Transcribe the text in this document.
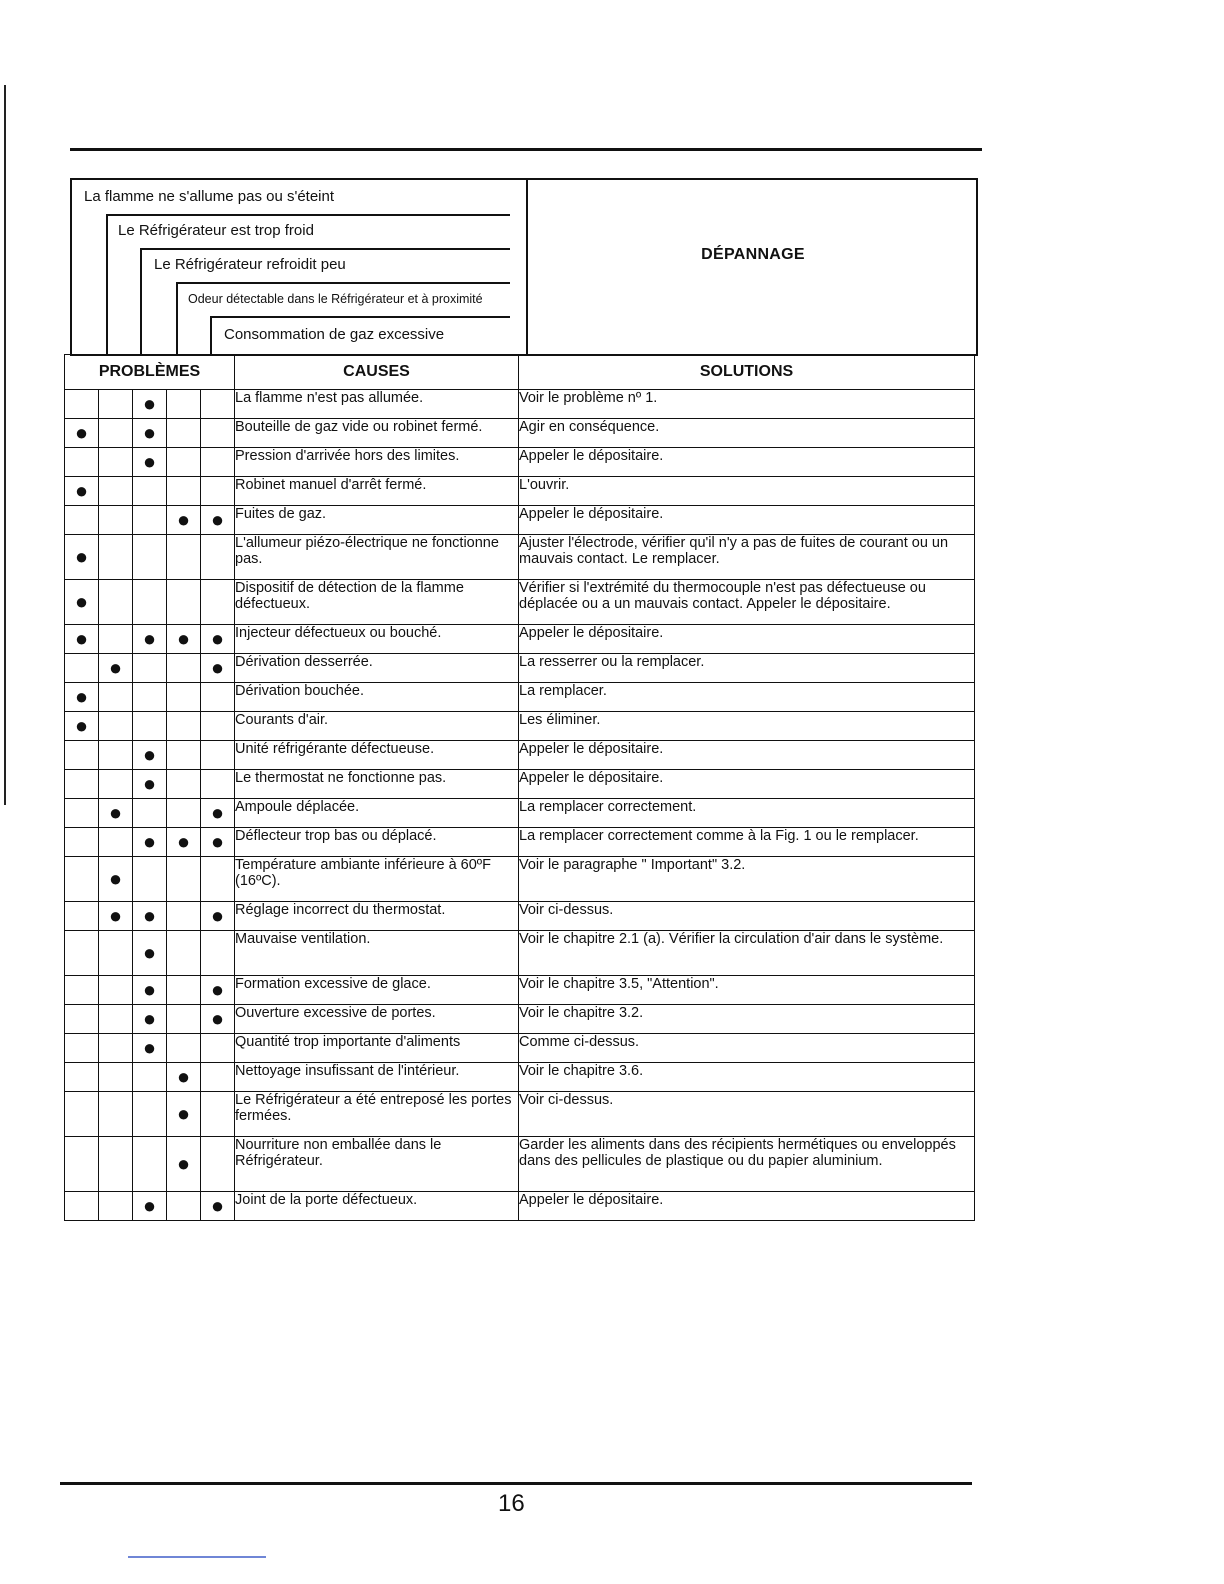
La flamme ne s'allume pas ou s'éteint
Le Réfrigérateur est trop froid
Le Réfrigérateur refroidit peu
Odeur détectable dans le Réfrigérateur et à proximité
Consommation de gaz excessive
DÉPANNAGE
PROBLÈMES					CAUSES	SOLUTIONS

		●			La flamme n'est pas allumée.	Voir le problème nº 1.

●		●			Bouteille de gaz vide ou robinet fermé.	Agir en conséquence.

		●			Pression d'arrivée hors des limites.	Appeler le dépositaire.

●					Robinet manuel d'arrêt fermé.	L'ouvrir.

			●	●	Fuites de gaz.	Appeler le dépositaire.

●					L'allumeur piézo-électrique ne fonctionne pas.	Ajuster l'électrode, vérifier qu'il n'y a pas de fuites de courant ou un mauvais contact. Le remplacer.

●					Dispositif de détection de la flamme défectueux.	Vérifier si l'extrémité du thermocouple n'est pas défectueuse ou déplacée ou a un mauvais contact. Appeler le dépositaire.

●		●	●	●	Injecteur défectueux ou bouché.	Appeler le dépositaire.

	●			●	Dérivation desserrée.	La resserrer ou la remplacer.

●					Dérivation bouchée.	La remplacer.

●					Courants d'air.	Les éliminer.

		●			Unité réfrigérante défectueuse.	Appeler le dépositaire.

		●			Le thermostat ne fonctionne pas.	Appeler le dépositaire.

	●			●	Ampoule déplacée.	La remplacer correctement.

		●	●	●	Déflecteur trop bas ou déplacé.	La remplacer correctement comme à la Fig. 1 ou le remplacer.

	●				Température ambiante inférieure à 60ºF (16ºC).	Voir le paragraphe " Important" 3.2.

	●	●		●	Réglage incorrect du thermostat.	Voir ci-dessus.

		●			Mauvaise ventilation.	Voir le chapitre 2.1 (a). Vérifier la circulation d'air dans le système.

		●		●	Formation excessive de glace.	Voir le chapitre 3.5, "Attention".

		●		●	Ouverture excessive de portes.	Voir le chapitre 3.2.

		●			Quantité trop importante d'aliments	Comme ci-dessus.

			●		Nettoyage insufissant de l'intérieur.	Voir le chapitre 3.6.

			●		Le Réfrigérateur a été entreposé les portes fermées.	Voir ci-dessus.

			●		Nourriture non emballée dans le Réfrigérateur.	Garder les aliments dans des récipients hermétiques ou enveloppés dans des pellicules de plastique ou du papier aluminium.

		●		●	Joint de la porte défectueux.	Appeler le dépositaire.
16
